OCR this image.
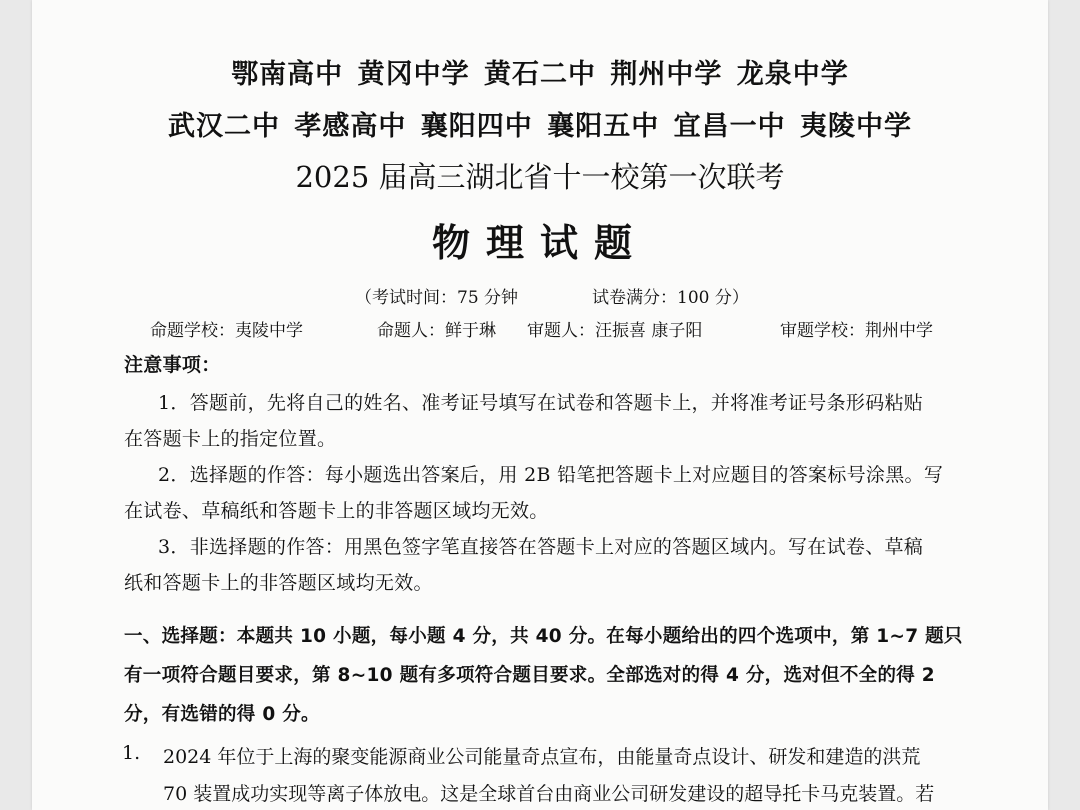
鄂南高中 黄冈中学 黄石二中 荆州中学 龙泉中学
武汉二中 孝感高中 襄阳四中 襄阳五中 宜昌一中 夷陵中学
2025 届高三湖北省十一校第一次联考
物理试题
（考试时间：75 分钟	试卷满分：100 分）
命题学校：夷陵中学	命题人：鲜于琳 审题人：汪振喜 康子阳	审题学校：荆州中学
注意事项：
1．答题前，先将自己的姓名、准考证号填写在试卷和答题卡上，并将准考证号条形码粘贴
在答题卡上的指定位置。
2．选择题的作答：每小题选出答案后，用 2B 铅笔把答题卡上对应题目的答案标号涂黑。写
在试卷、草稿纸和答题卡上的非答题区域均无效。
3．非选择题的作答：用黑色签字笔直接答在答题卡上对应的答题区域内。写在试卷、草稿
纸和答题卡上的非答题区域均无效。
一、选择题：本题共 10 小题，每小题 4 分，共 40 分。在每小题给出的四个选项中，第 1~7 题只
有一项符合题目要求，第 8~10 题有多项符合题目要求。全部选对的得 4 分，选对但不全的得 2
分，有选错的得 0 分。
1. 2024 年位于上海的聚变能源商业公司能量奇点宣布，由能量奇点设计、研发和建造的洪荒
70 装置成功实现等离子体放电。这是全球首台由商业公司研发建设的超导托卡马克装置。若
